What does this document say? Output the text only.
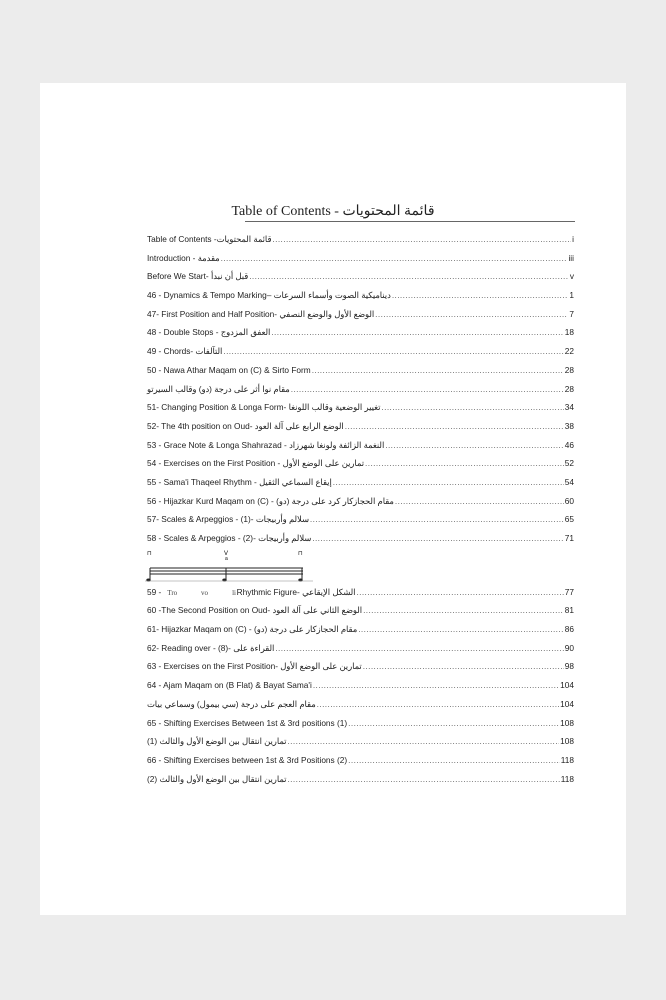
Table of Contents - قائمة المحتويات
Table of Contents -قائمة المحتويات .....	i
Introduction - مقدمة .....	iii
Before We Start- قبل أن نبدأ .....	v
46 - Dynamics & Tempo Marking– ديناميكية الصوت وأسماء السرعات .....	1
47- First Position and Half Position- الوضع الأول والوضع النصفي .....	7
48 - Double Stops - العفق المزدوج .....	18
49 - Chords- التآلفات .....	22
50 - Nawa Athar Maqam on (C) & Sirto Form .....	28
مقام نوا أثر على درجة (دو) وقالب السيرتو .....	28
51- Changing Position & Longa Form- تغيير الوضعية وقالب اللونغا .....	34
52- The 4th position on Oud- الوضع الرابع على آلة العود .....	38
53 - Grace Note & Longa Shahrazad - النغمة الزائفة ولونغا شهرزاد .....	46
54 - Exercises on the First Position - تمارين على الوضع الأول .....	52
55 - Sama'i Thaqeel Rhythm - إيقاع السماعي الثقيل .....	54
56 - Hijazkar Kurd Maqam on (C) - (دو) مقام الحجازكار كرد على درجة .....	60
57- Scales & Arpeggios - (1)- سلالم وأربيجات .....	65
58 - Scales & Arpeggios - (2)- سلالم وأربيجات .....	71
⊓	V
a
⊓
59 - Tro	vo	li Rhythmic Figure- الشكل الإيقاعي .....	77
60 -The Second Position on Oud- الوضع الثاني على آلة العود .....	81
61- Hijazkar Maqam on (C) - (دو) مقام الحجازكار على درجة .....	86
62- Reading over - (8)- القراءة على .....	90
63 - Exercises on the First Position- تمارين على الوضع الأول .....	98
64 - Ajam Maqam on (B Flat) & Bayat Sama'i .....	104
مقام العجم على درجة (سي بيمول) وسماعي بيات .....	104
65 - Shifting Exercises Between 1st & 3rd positions (1) .....	108
تمارين انتقال بين الوضع الأول والثالث (1) .....	108
66 - Shifting Exercises between 1st & 3rd Positions (2) .....	118
تمارين انتقال بين الوضع الأول والثالث (2) .....	118
